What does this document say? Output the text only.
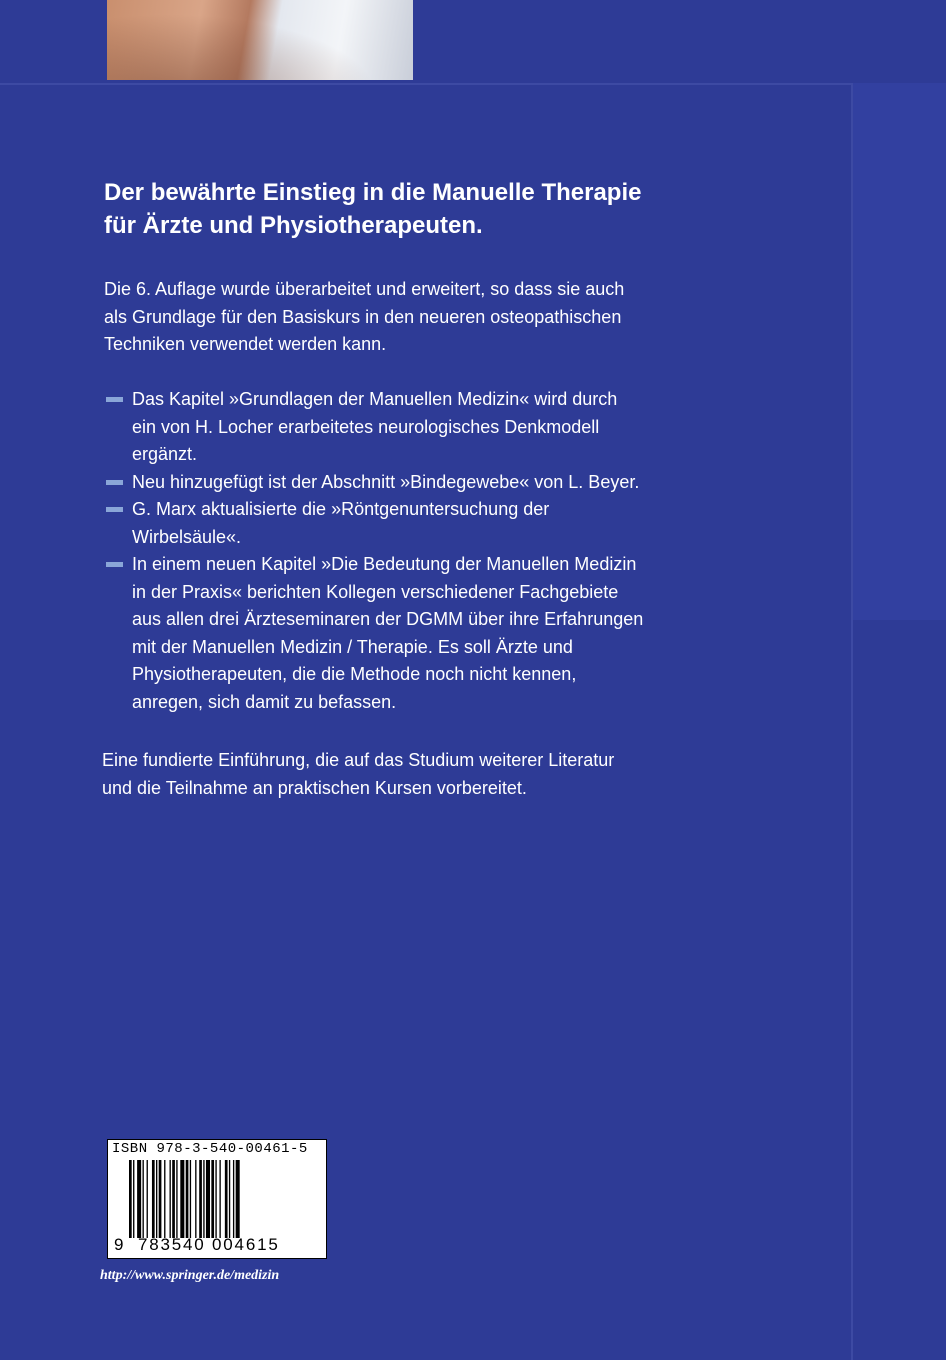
Der bewährte Einstieg in die Manuelle Therapie
für Ärzte und Physiotherapeuten.

Die 6. Auflage wurde überarbeitet und erweitert, so dass sie auch
als Grundlage für den Basiskurs in den neueren osteopathischen
Techniken verwendet werden kann.

Das Kapitel »Grundlagen der Manuellen Medizin« wird durch
ein von H. Locher erarbeitetes neurologisches Denkmodell
ergänzt.
Neu hinzugefügt ist der Abschnitt »Bindegewebe« von L. Beyer.
G. Marx aktualisierte die »Röntgenuntersuchung der
Wirbelsäule«.
In einem neuen Kapitel »Die Bedeutung der Manuellen Medizin
in der Praxis« berichten Kollegen verschiedener Fachgebiete
aus allen drei Ärzteseminaren der DGMM über ihre Erfahrungen
mit der Manuellen Medizin / Therapie. Es soll Ärzte und
Physiotherapeuten, die die Methode noch nicht kennen,
anregen, sich damit zu befassen.

Eine fundierte Einführung, die auf das Studium weiterer Literatur
und die Teilnahme an praktischen Kursen vorbereitet.

ISBN 978-3-540-00461-5
9 783540 004615
http://www.springer.de/medizin
